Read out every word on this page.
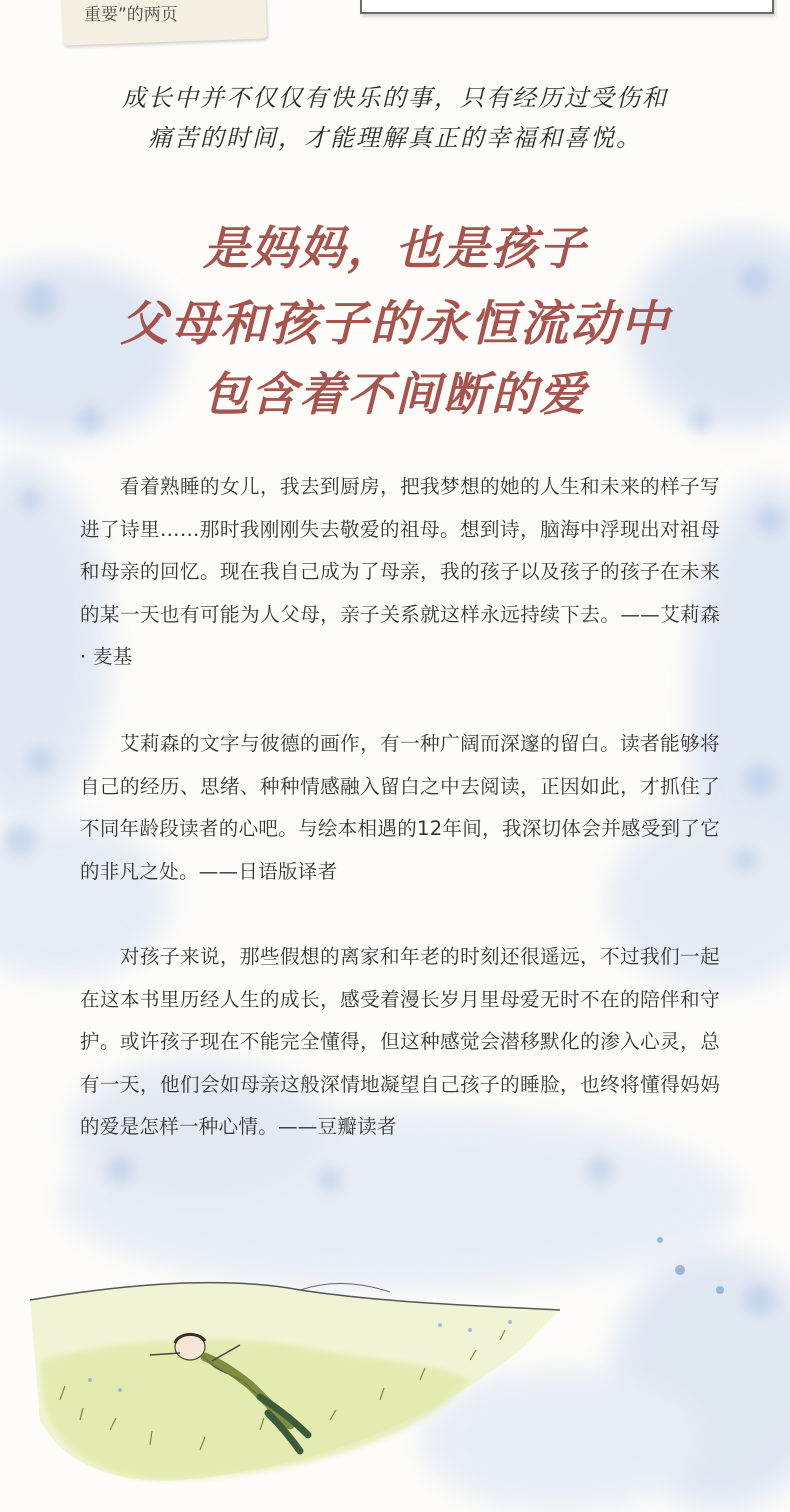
重要”的两页
成长中并不仅仅有快乐的事，只有经历过受伤和
痛苦的时间，才能理解真正的幸福和喜悦。
是妈妈，也是孩子
父母和孩子的永恒流动中
包含着不间断的爱
看着熟睡的女儿，我去到厨房，把我梦想的她的人生和未来的样子写进了诗里……那时我刚刚失去敬爱的祖母。想到诗，脑海中浮现出对祖母和母亲的回忆。现在我自己成为了母亲，我的孩子以及孩子的孩子在未来的某一天也有可能为人父母，亲子关系就这样永远持续下去。——艾莉森 · 麦基
艾莉森的文字与彼德的画作，有一种广阔而深邃的留白。读者能够将自己的经历、思绪、种种情感融入留白之中去阅读，正因如此，才抓住了不同年龄段读者的心吧。与绘本相遇的12年间，我深切体会并感受到了它的非凡之处。——日语版译者
对孩子来说，那些假想的离家和年老的时刻还很遥远，不过我们一起在这本书里历经人生的成长，感受着漫长岁月里母爱无时不在的陪伴和守护。或许孩子现在不能完全懂得，但这种感觉会潜移默化的渗入心灵，总有一天，他们会如母亲这般深情地凝望自己孩子的睡脸，也终将懂得妈妈的爱是怎样一种心情。——豆瓣读者
